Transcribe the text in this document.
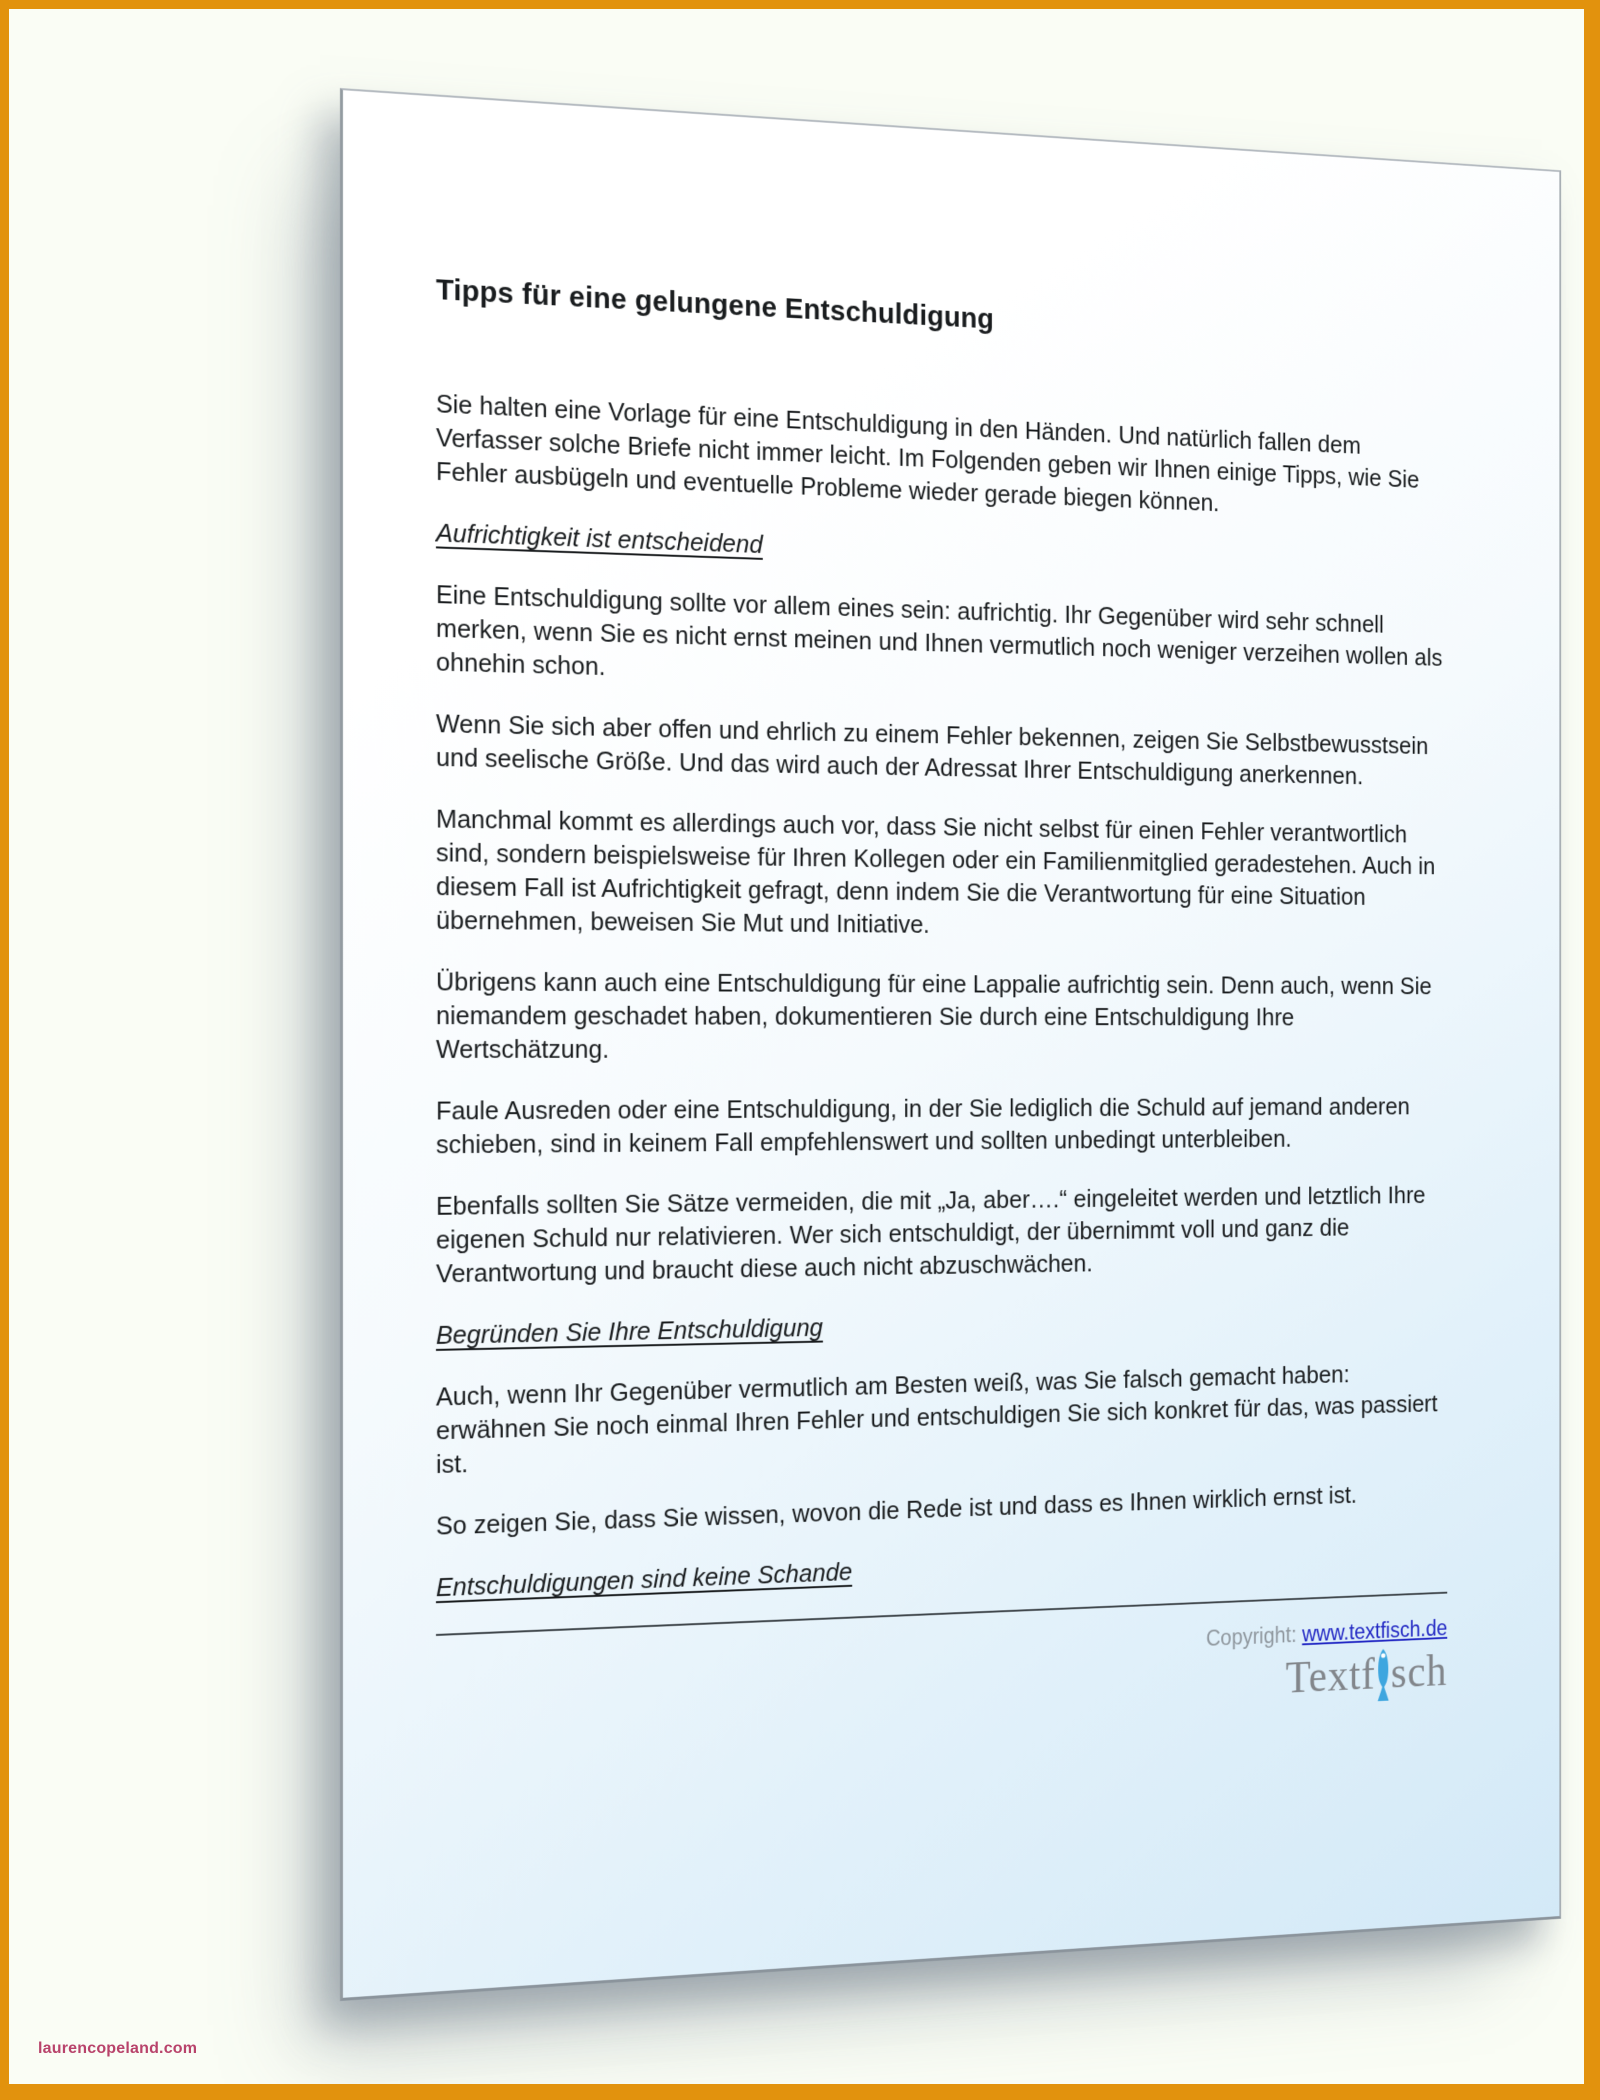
laurencopeland.com
Tipps für eine gelungene Entschuldigung

Sie halten eine Vorlage für eine Entschuldigung in den Händen. Und natürlich fallen dem Verfasser solche Briefe nicht immer leicht. Im Folgenden geben wir Ihnen einige Tipps, wie Sie Fehler ausbügeln und eventuelle Probleme wieder gerade biegen können.

Aufrichtigkeit ist entscheidend

Eine Entschuldigung sollte vor allem eines sein: aufrichtig. Ihr Gegenüber wird sehr schnell merken, wenn Sie es nicht ernst meinen und Ihnen vermutlich noch weniger verzeihen wollen als ohnehin schon.

Wenn Sie sich aber offen und ehrlich zu einem Fehler bekennen, zeigen Sie Selbstbewusstsein und seelische Größe. Und das wird auch der Adressat Ihrer Entschuldigung anerkennen.

Manchmal kommt es allerdings auch vor, dass Sie nicht selbst für einen Fehler verantwortlich sind, sondern beispielsweise für Ihren Kollegen oder ein Familienmitglied geradestehen. Auch in diesem Fall ist Aufrichtigkeit gefragt, denn indem Sie die Verantwortung für eine Situation übernehmen, beweisen Sie Mut und Initiative.

Übrigens kann auch eine Entschuldigung für eine Lappalie aufrichtig sein. Denn auch, wenn Sie niemandem geschadet haben, dokumentieren Sie durch eine Entschuldigung Ihre Wertschätzung.

Faule Ausreden oder eine Entschuldigung, in der Sie lediglich die Schuld auf jemand anderen schieben, sind in keinem Fall empfehlenswert und sollten unbedingt unterbleiben.

Ebenfalls sollten Sie Sätze vermeiden, die mit „Ja, aber….“ eingeleitet werden und letztlich Ihre eigenen Schuld nur relativieren. Wer sich entschuldigt, der übernimmt voll und ganz die Verantwortung und braucht diese auch nicht abzuschwächen.

Begründen Sie Ihre Entschuldigung

Auch, wenn Ihr Gegenüber vermutlich am Besten weiß, was Sie falsch gemacht haben: erwähnen Sie noch einmal Ihren Fehler und entschuldigen Sie sich konkret für das, was passiert ist.

So zeigen Sie, dass Sie wissen, wovon die Rede ist und dass es Ihnen wirklich ernst ist.

Entschuldigungen sind keine Schande

Copyright: www.textfisch.de
Textf sch
